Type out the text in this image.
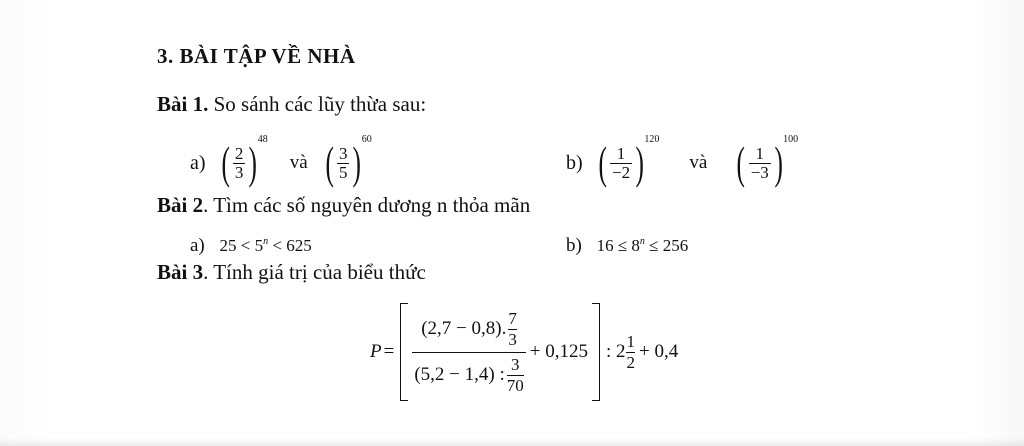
3. BÀI TẬP VỀ NHÀ
Bài 1. So sánh các lũy thừa sau:
a) ( $\frac{2}{3}$ ) 48
và ( $\frac{3}{5}$ ) 60
b) ( $\frac{1}{-2}$ ) 120
và ( $\frac{1}{-3}$ ) 100
Bài 2. Tìm các số nguyên dương n thỏa mãn
a) $25 < 5^n < 625$	b) $16 \le 8^n \le 256$
Bài 3. Tính giá trị của biểu thức
P =
(2,7 − 0,8). 7
3
(5,2 − 1,4) : 3
70
+ 0,125 : 2 1
2 + 0,4
